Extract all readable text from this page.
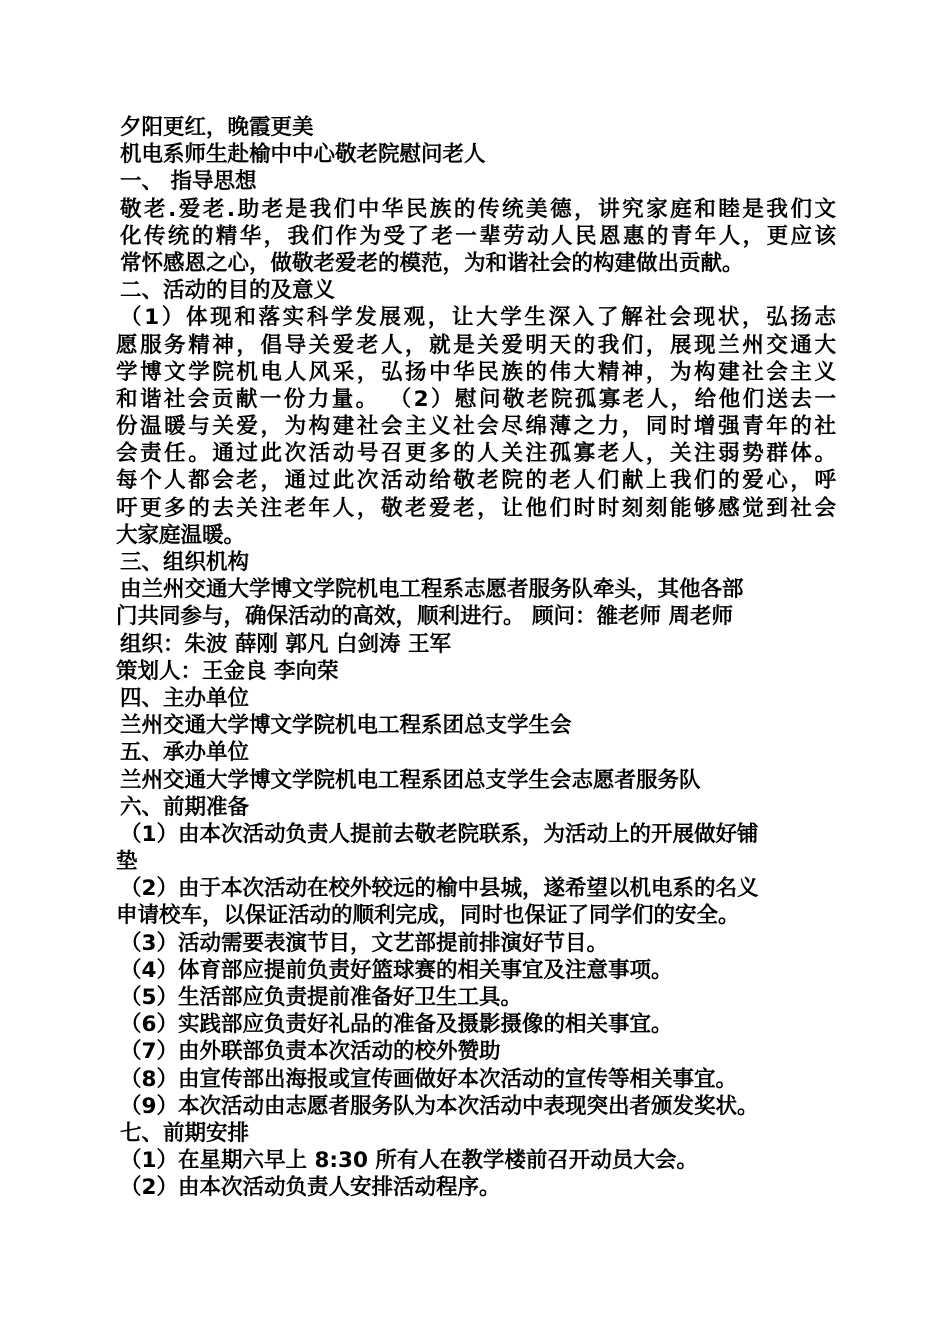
夕阳更红，晚霞更美
机电系师生赴榆中中心敬老院慰问老人
一、 指导思想
敬老.爱老.助老是我们中华民族的传统美德，讲究家庭和睦是我们文
化传统的精华，我们作为受了老一辈劳动人民恩惠的青年人，更应该
常怀感恩之心，做敬老爱老的模范，为和谐社会的构建做出贡献。
二、活动的目的及意义
（1）体现和落实科学发展观，让大学生深入了解社会现状，弘扬志
愿服务精神，倡导关爱老人，就是关爱明天的我们，展现兰州交通大
学博文学院机电人风采，弘扬中华民族的伟大精神，为构建社会主义
和谐社会贡献一份力量。 （2）慰问敬老院孤寡老人，给他们送去一
份温暖与关爱，为构建社会主义社会尽绵薄之力，同时增强青年的社
会责任。通过此次活动号召更多的人关注孤寡老人，关注弱势群体。
每个人都会老，通过此次活动给敬老院的老人们献上我们的爱心，呼
吁更多的去关注老年人，敬老爱老，让他们时时刻刻能够感觉到社会
大家庭温暖。
三、组织机构
由兰州交通大学博文学院机电工程系志愿者服务队牵头，其他各部
门共同参与，确保活动的高效，顺利进行。 顾问：雒老师 周老师
组织：朱波 薛刚 郭凡 白剑涛 王军
策划人：王金良 李向荣
四、主办单位
兰州交通大学博文学院机电工程系团总支学生会
五、承办单位
兰州交通大学博文学院机电工程系团总支学生会志愿者服务队
六、前期准备
（1）由本次活动负责人提前去敬老院联系，为活动上的开展做好铺
垫
（2）由于本次活动在校外较远的榆中县城，遂希望以机电系的名义
申请校车，以保证活动的顺利完成，同时也保证了同学们的安全。
（3）活动需要表演节目，文艺部提前排演好节目。
（4）体育部应提前负责好篮球赛的相关事宜及注意事项。
（5）生活部应负责提前准备好卫生工具。
（6）实践部应负责好礼品的准备及摄影摄像的相关事宜。
（7）由外联部负责本次活动的校外赞助
（8）由宣传部出海报或宣传画做好本次活动的宣传等相关事宜。
（9）本次活动由志愿者服务队为本次活动中表现突出者颁发奖状。
七、前期安排
（1）在星期六早上 8:30 所有人在教学楼前召开动员大会。
（2）由本次活动负责人安排活动程序。
